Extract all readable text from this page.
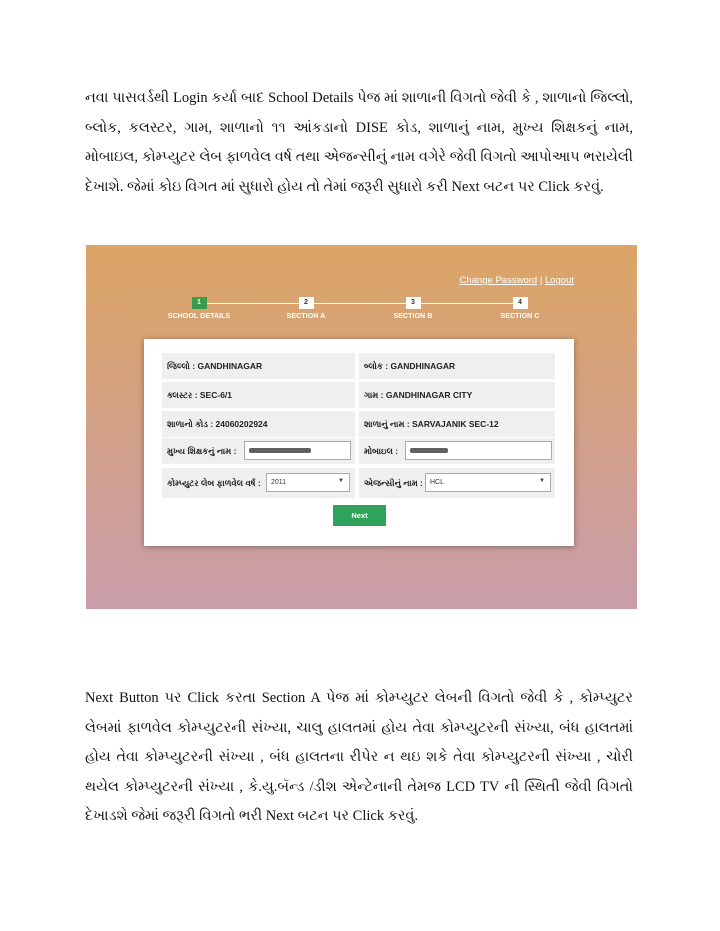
નવા પાસવર્ડથી Login કર્યા બાદ School Details પેજ માં શાળાની વિગતો જેવી કે , શાળાનો જિલ્લો, બ્લોક, કલસ્ટર, ગામ, શાળાનો ૧૧ આંકડાનો DISE કોડ, શાળાનું નામ, મુખ્ય શિક્ષકનું નામ, મોબાઇલ, કોમ્પ્યુટર લેબ ફાળવેલ વર્ષ તથા એજન્સીનું નામ વગેરે જેવી વિગતો આપોઆપ ભરાયેલી દેખાશે. જેમાં કોઇ વિગત માં સુધારો હોય તો તેમાં જરૂરી સુધારો કરી Next બટન પર Click કરવું.

Change Password | Logout
1
SCHOOL DETAILS
2
SECTION A
3
SECTION B
4
SECTION C
જિલ્લો : GANDHINAGAR	બ્લોક : GANDHINAGAR
ક્લસ્ટર : SEC-6/1	ગામ : GANDHINAGAR CITY
શાળાનો કોડ : 24060202924	શાળાનું નામ : SARVAJANIK SEC-12
મુખ્ય શિક્ષકનું નામ :	મોબાઇલ :
કોમ્પ્યુટર લેબ ફાળવેલ વર્ષ : 2011	▼ એજન્સીનું નામ : HCL	▼
Next

Next Button પર Click કરતા Section A પેજ માં કોમ્પ્યુટર લેબની વિગતો જેવી કે , કોમ્પ્યુટર લેબમાં ફાળવેલ કોમ્પ્યુટરની સંખ્યા, ચાલુ હાલતમાં હોય તેવા કોમ્પ્યુટરની સંખ્યા, બંધ હાલતમાં હોય તેવા કોમ્પ્યુટરની સંખ્યા , બંધ હાલતના રીપેર ન થઇ શકે તેવા કોમ્પ્યુટરની સંખ્યા , ચોરી થયેલ કોમ્પ્યુટરની સંખ્યા , કે.યુ.બૅન્ડ /ડીશ એન્ટેનાની તેમજ LCD TV ની સ્થિતી જેવી વિગતો દેખાડશે જેમાં જરૂરી વિગતો ભરી Next બટન પર Click કરવું.
